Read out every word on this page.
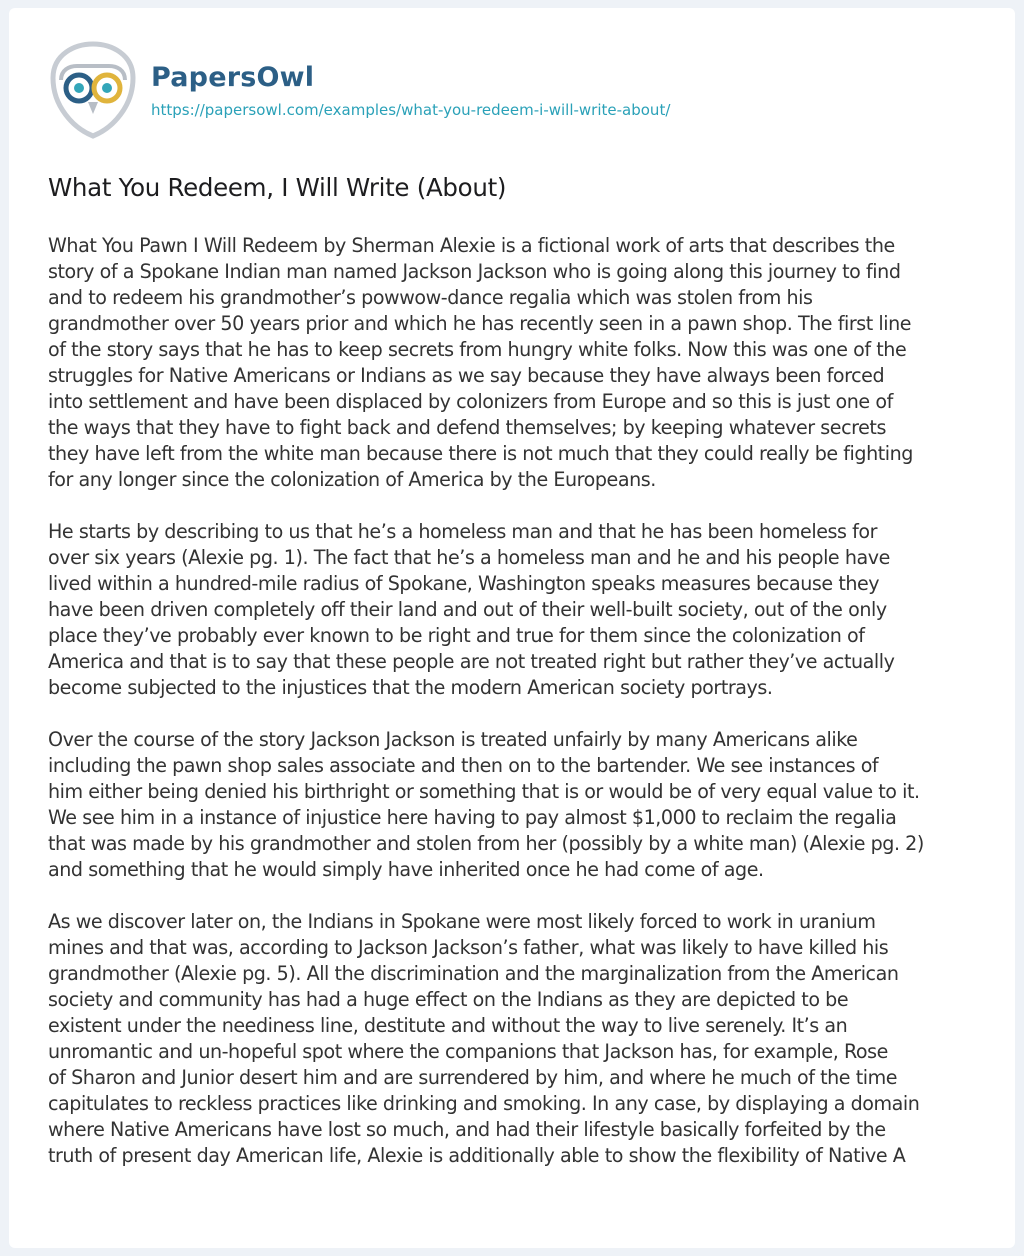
PapersOwl
https://papersowl.com/examples/what-you-redeem-i-will-write-about/
What You Redeem, I Will Write (About)

What You Pawn I Will Redeem by Sherman Alexie is a fictional work of arts that describes the
story of a Spokane Indian man named Jackson Jackson who is going along this journey to find
and to redeem his grandmother’s powwow-dance regalia which was stolen from his
grandmother over 50 years prior and which he has recently seen in a pawn shop. The first line
of the story says that he has to keep secrets from hungry white folks. Now this was one of the
struggles for Native Americans or Indians as we say because they have always been forced
into settlement and have been displaced by colonizers from Europe and so this is just one of
the ways that they have to fight back and defend themselves; by keeping whatever secrets
they have left from the white man because there is not much that they could really be fighting
for any longer since the colonization of America by the Europeans.

He starts by describing to us that he’s a homeless man and that he has been homeless for
over six years (Alexie pg. 1). The fact that he’s a homeless man and he and his people have
lived within a hundred-mile radius of Spokane, Washington speaks measures because they
have been driven completely off their land and out of their well-built society, out of the only
place they’ve probably ever known to be right and true for them since the colonization of
America and that is to say that these people are not treated right but rather they’ve actually
become subjected to the injustices that the modern American society portrays.

Over the course of the story Jackson Jackson is treated unfairly by many Americans alike
including the pawn shop sales associate and then on to the bartender. We see instances of
him either being denied his birthright or something that is or would be of very equal value to it.
We see him in a instance of injustice here having to pay almost $1,000 to reclaim the regalia
that was made by his grandmother and stolen from her (possibly by a white man) (Alexie pg. 2)
and something that he would simply have inherited once he had come of age.

As we discover later on, the Indians in Spokane were most likely forced to work in uranium
mines and that was, according to Jackson Jackson’s father, what was likely to have killed his
grandmother (Alexie pg. 5). All the discrimination and the marginalization from the American
society and community has had a huge effect on the Indians as they are depicted to be
existent under the neediness line, destitute and without the way to live serenely. It’s an
unromantic and un-hopeful spot where the companions that Jackson has, for example, Rose
of Sharon and Junior desert him and are surrendered by him, and where he much of the time
capitulates to reckless practices like drinking and smoking. In any case, by displaying a domain
where Native Americans have lost so much, and had their lifestyle basically forfeited by the
truth of present day American life, Alexie is additionally able to show the flexibility of Native A
